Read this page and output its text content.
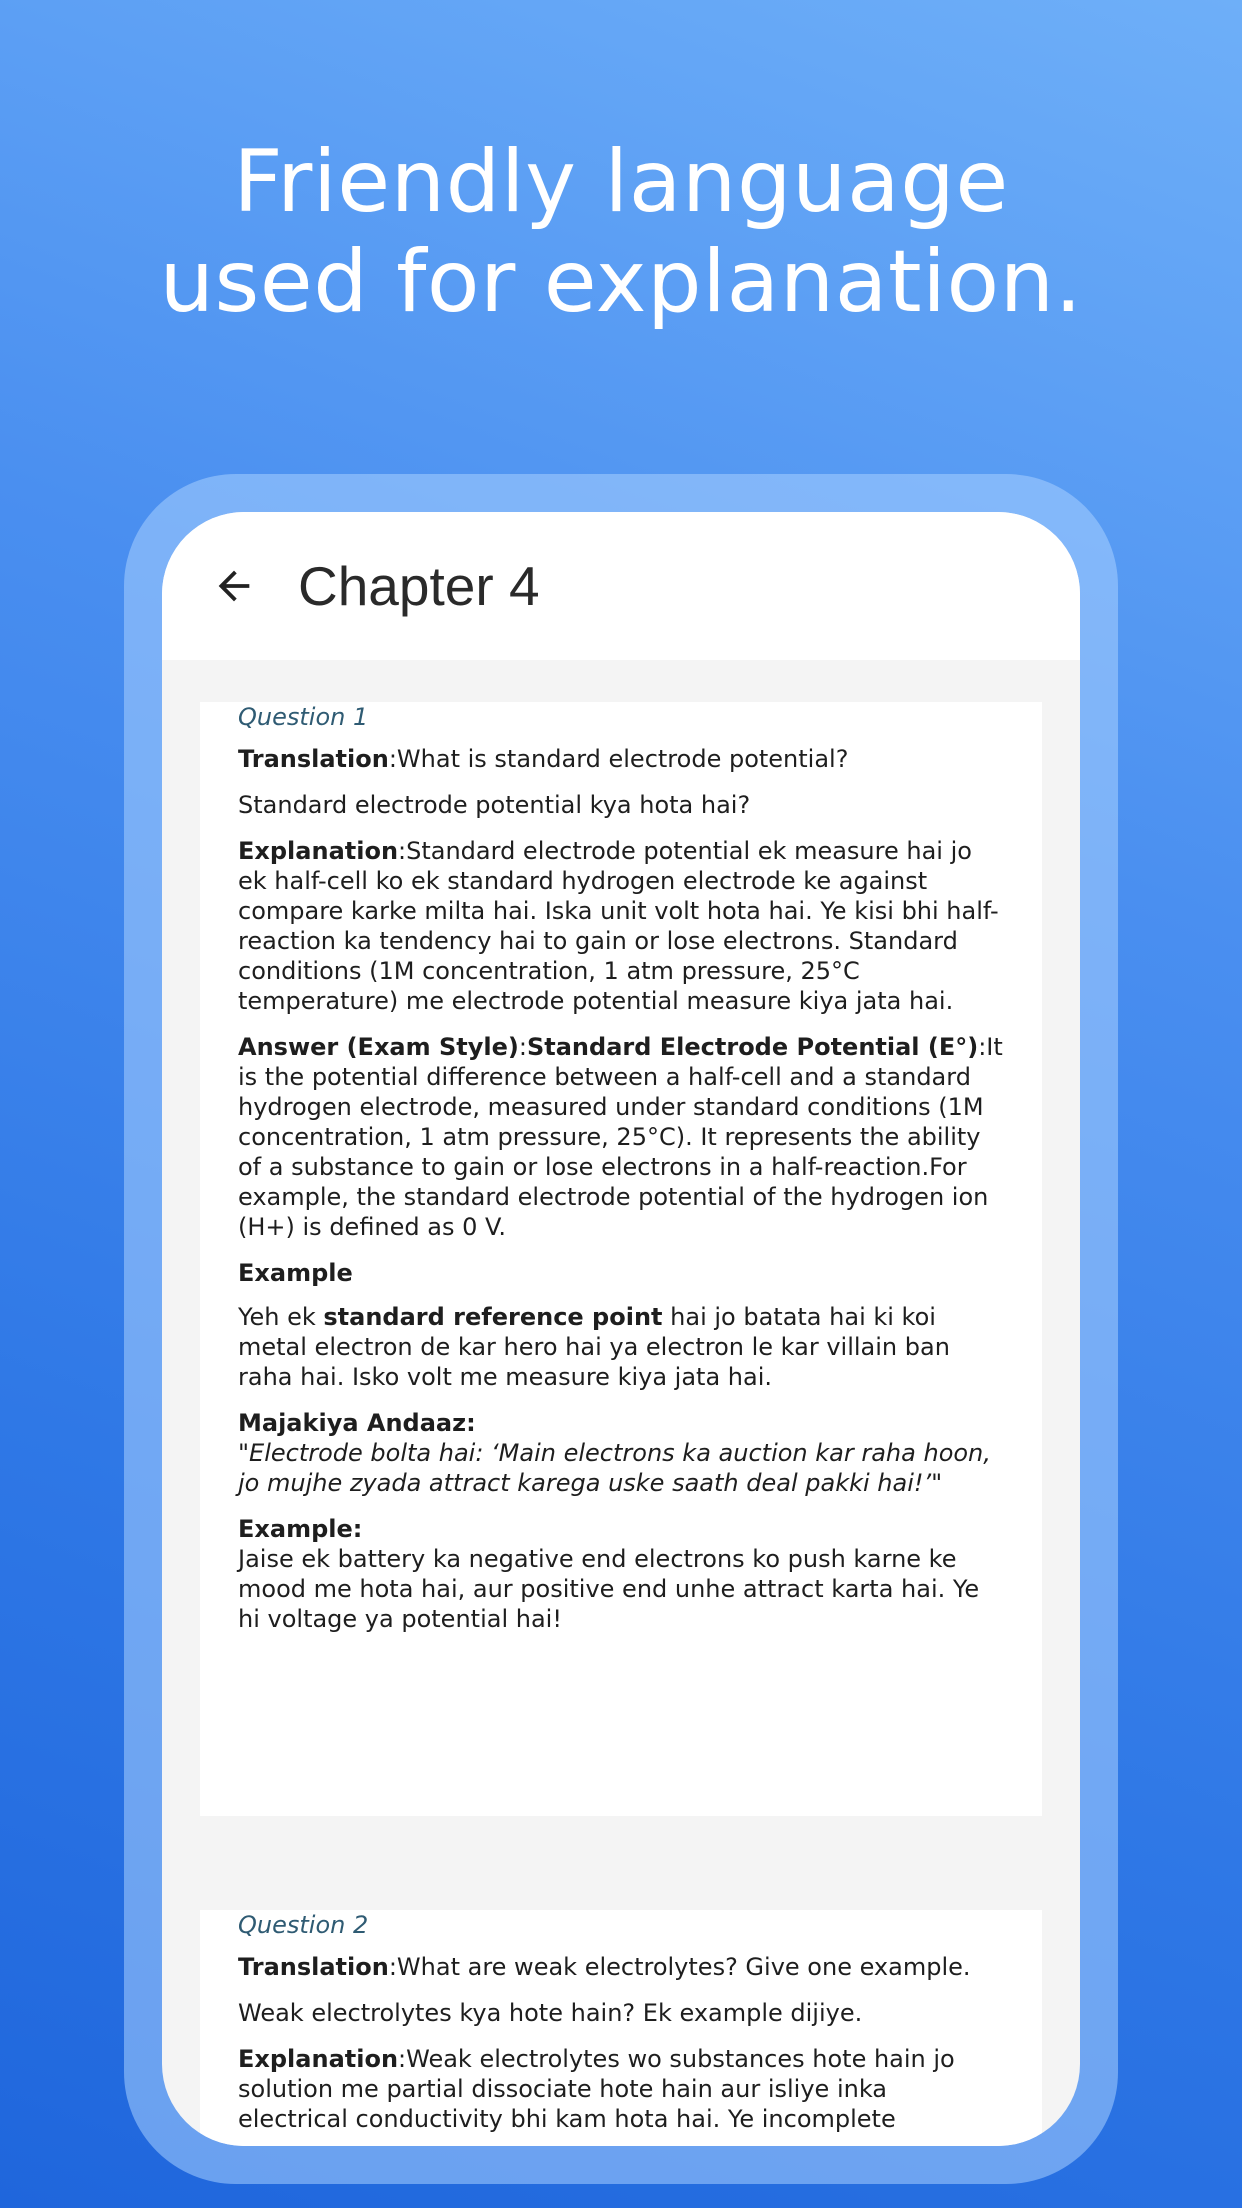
Friendly language
used for explanation.
Chapter 4
Question 1

Translation:What is standard electrode potential?

Standard electrode potential kya hota hai?

Explanation:Standard electrode potential ek measure hai jo ek half-cell ko ek standard hydrogen electrode ke against compare karke milta hai. Iska unit volt hota hai. Ye kisi bhi half-reaction ka tendency hai to gain or lose electrons. Standard conditions (1M concentration, 1 atm pressure, 25°C temperature) me electrode potential measure kiya jata hai.

Answer (Exam Style):Standard Electrode Potential (E°):It is the potential difference between a half-cell and a standard hydrogen electrode, measured under standard conditions (1M concentration, 1 atm pressure, 25°C). It represents the ability of a substance to gain or lose electrons in a half-reaction.For example, the standard electrode potential of the hydrogen ion (H+) is defined as 0 V.

Example

Yeh ek standard reference point hai jo batata hai ki koi metal electron de kar hero hai ya electron le kar villain ban raha hai. Isko volt me measure kiya jata hai.

Majakiya Andaaz:

"Electrode bolta hai: ‘Main electrons ka auction kar raha hoon, jo mujhe zyada attract karega uske saath deal pakki hai!’"

Example:

Jaise ek battery ka negative end electrons ko push karne ke mood me hota hai, aur positive end unhe attract karta hai. Ye hi voltage ya potential hai!

Question 2

Translation:What are weak electrolytes? Give one example.

Weak electrolytes kya hote hain? Ek example dijiye.

Explanation:Weak electrolytes wo substances hote hain jo solution me partial dissociate hote hain aur isliye inka electrical conductivity bhi kam hota hai. Ye incomplete
